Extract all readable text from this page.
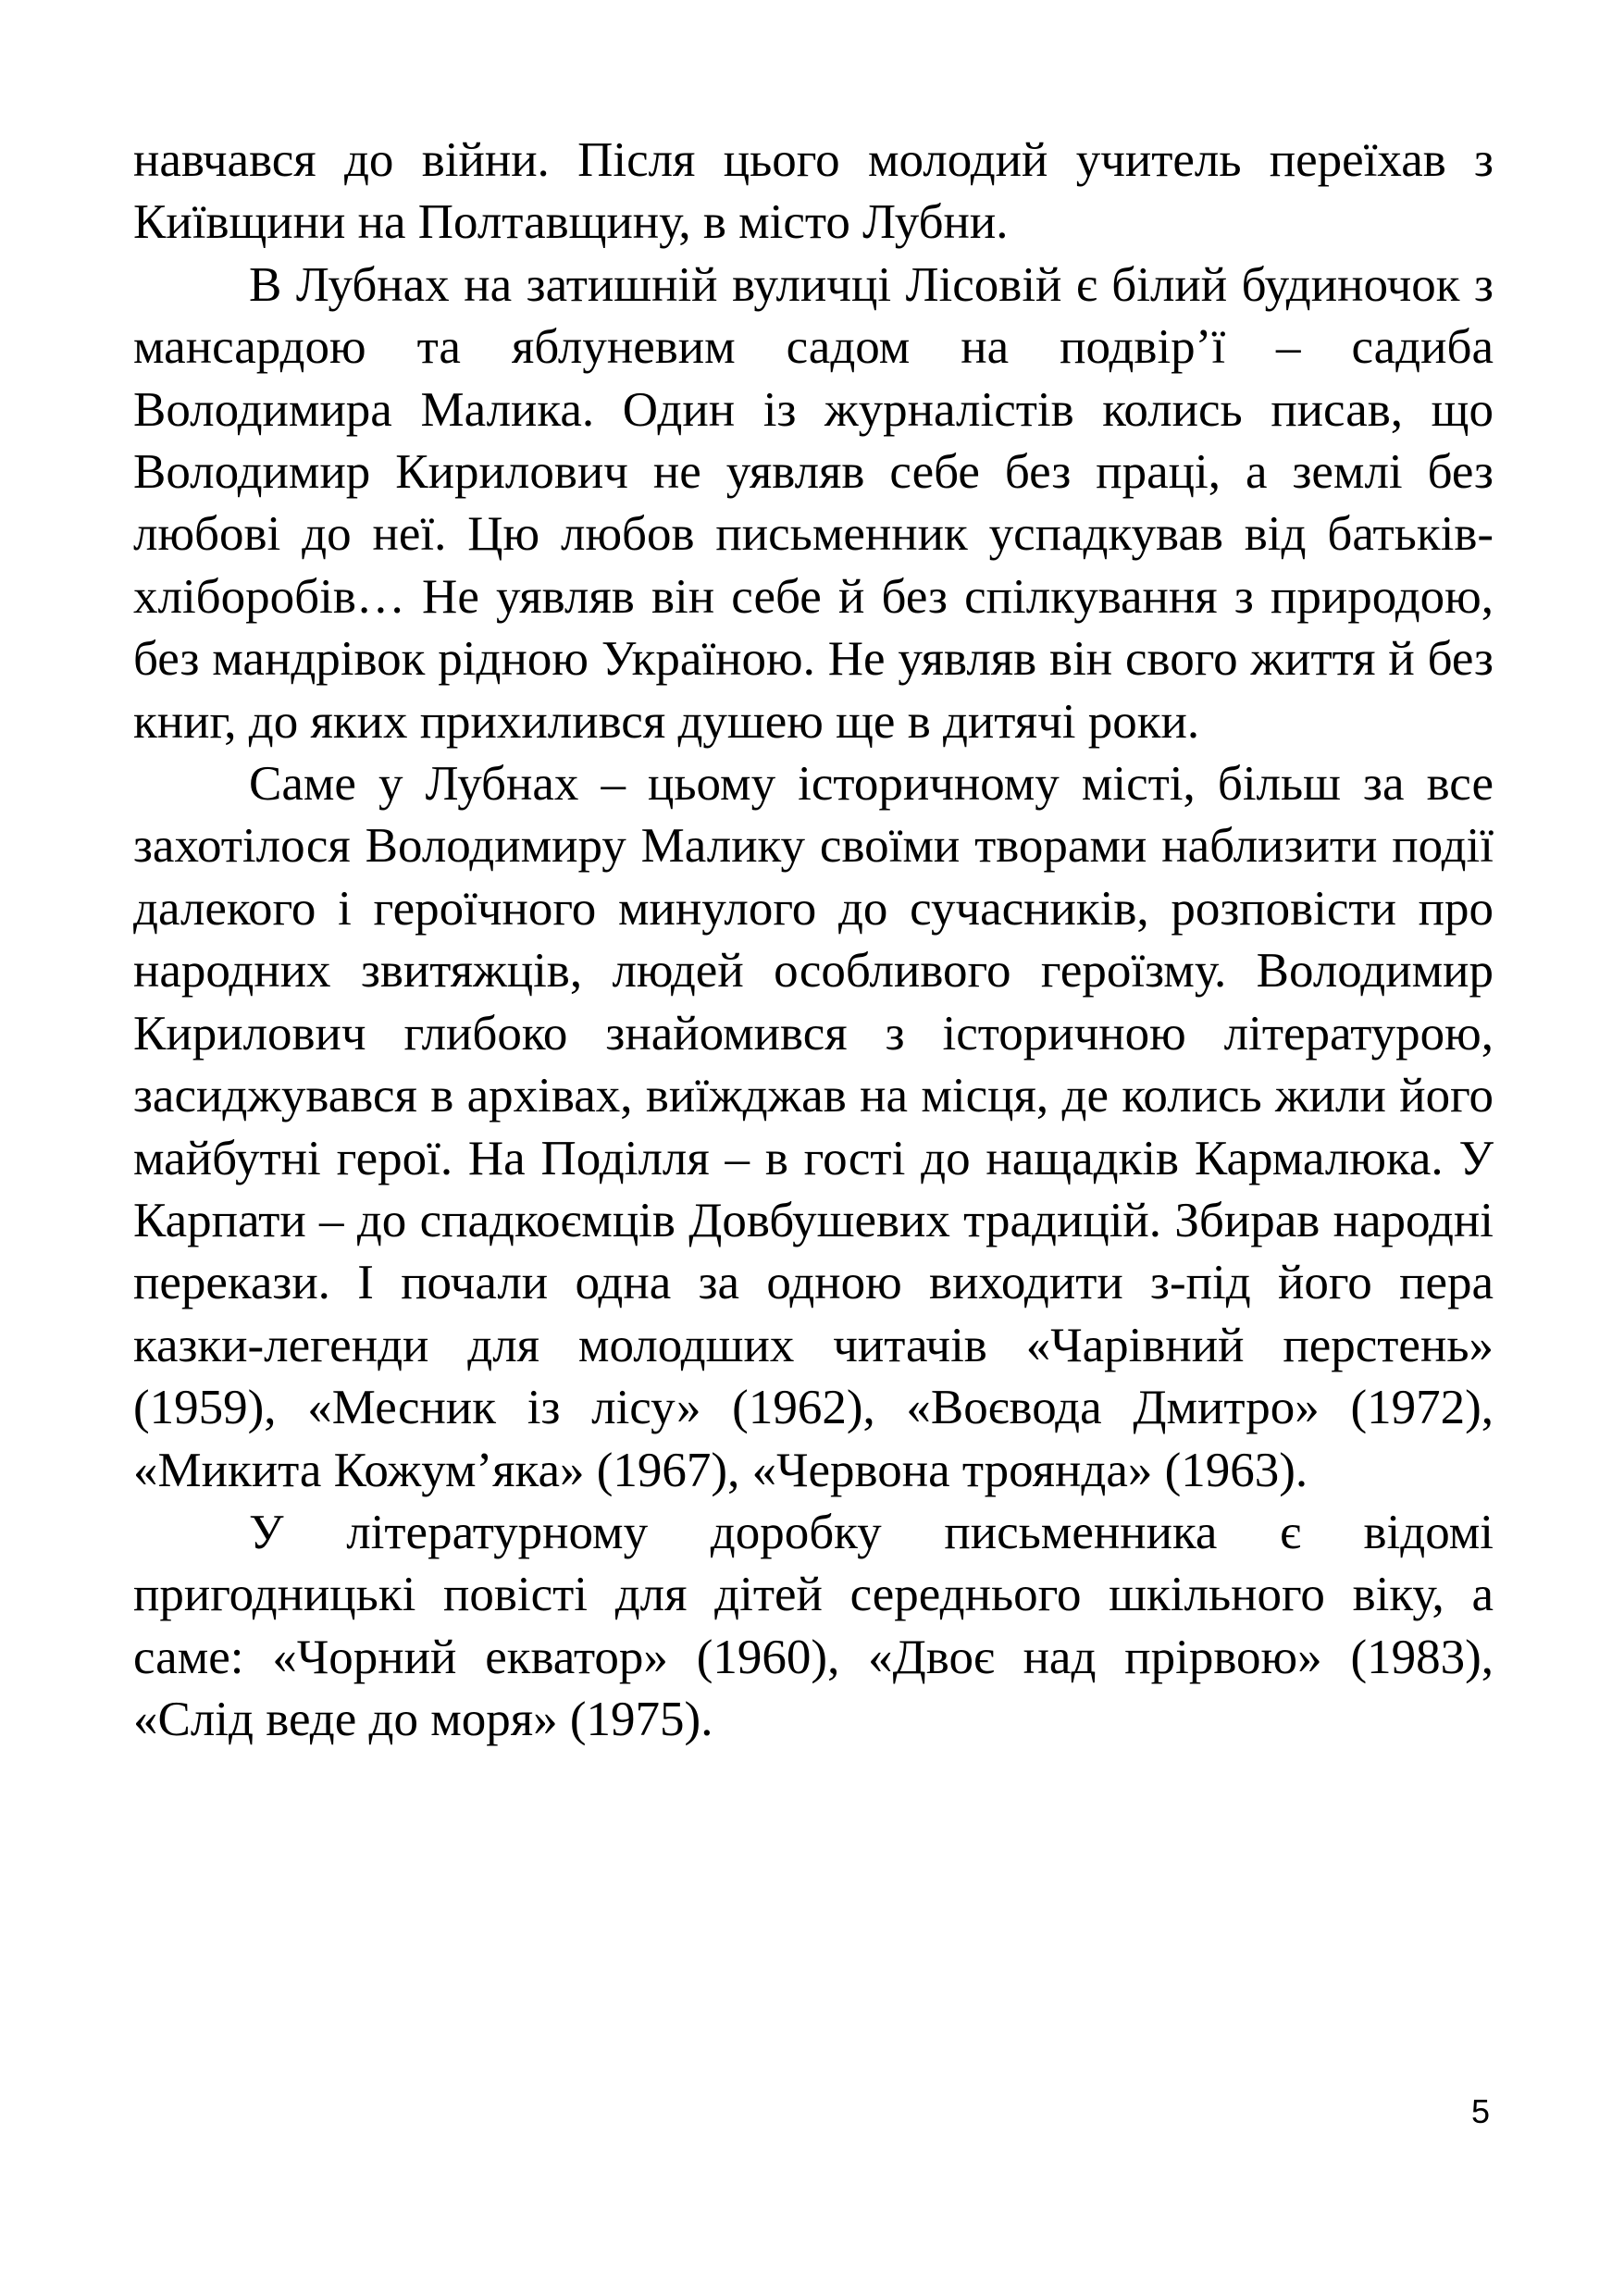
навчався до війни. Після цього молодий учитель переїхав з Київщини на Полтавщину, в місто Лубни.

В Лубнах на затишній вуличці Лісовій є білий будиночок з мансардою та яблуневим садом на подвір’ї – садиба Володимира Малика. Один із журналістів колись писав, що Володимир Кирилович не уявляв себе без праці, а землі без любові до неї. Цю любов письменник успадкував від батьків-хліборобів… Не уявляв він себе й без спілкування з природою, без мандрівок рідною Україною. Не уявляв він свого життя й без книг, до яких прихилився душею ще в дитячі роки.

Саме у Лубнах – цьому історичному місті, більш за все захотілося Володимиру Малику своїми творами наблизити події далекого і героїчного минулого до сучасників, розповісти про народних звитяжців, людей особливого героїзму. Володимир Кирилович глибоко знайомився з історичною літературою, засиджувався в архівах, виїжджав на місця, де колись жили його майбутні герої. На Поділля – в гості до нащадків Кармалюка. У Карпати – до спадкоємців Довбушевих традицій. Збирав народні перекази. І почали одна за одною виходити з-під його пера казки-легенди для молодших читачів «Чарівний перстень» (1959), «Месник із лісу» (1962), «Воєвода Дмитро» (1972), «Микита Кожум’яка» (1967), «Червона троянда» (1963).

У літературному доробку письменника є відомі пригодницькі повісті для дітей середнього шкільного віку, а саме: «Чорний екватор» (1960), «Двоє над прірвою» (1983), «Слід веде до моря» (1975).

5
